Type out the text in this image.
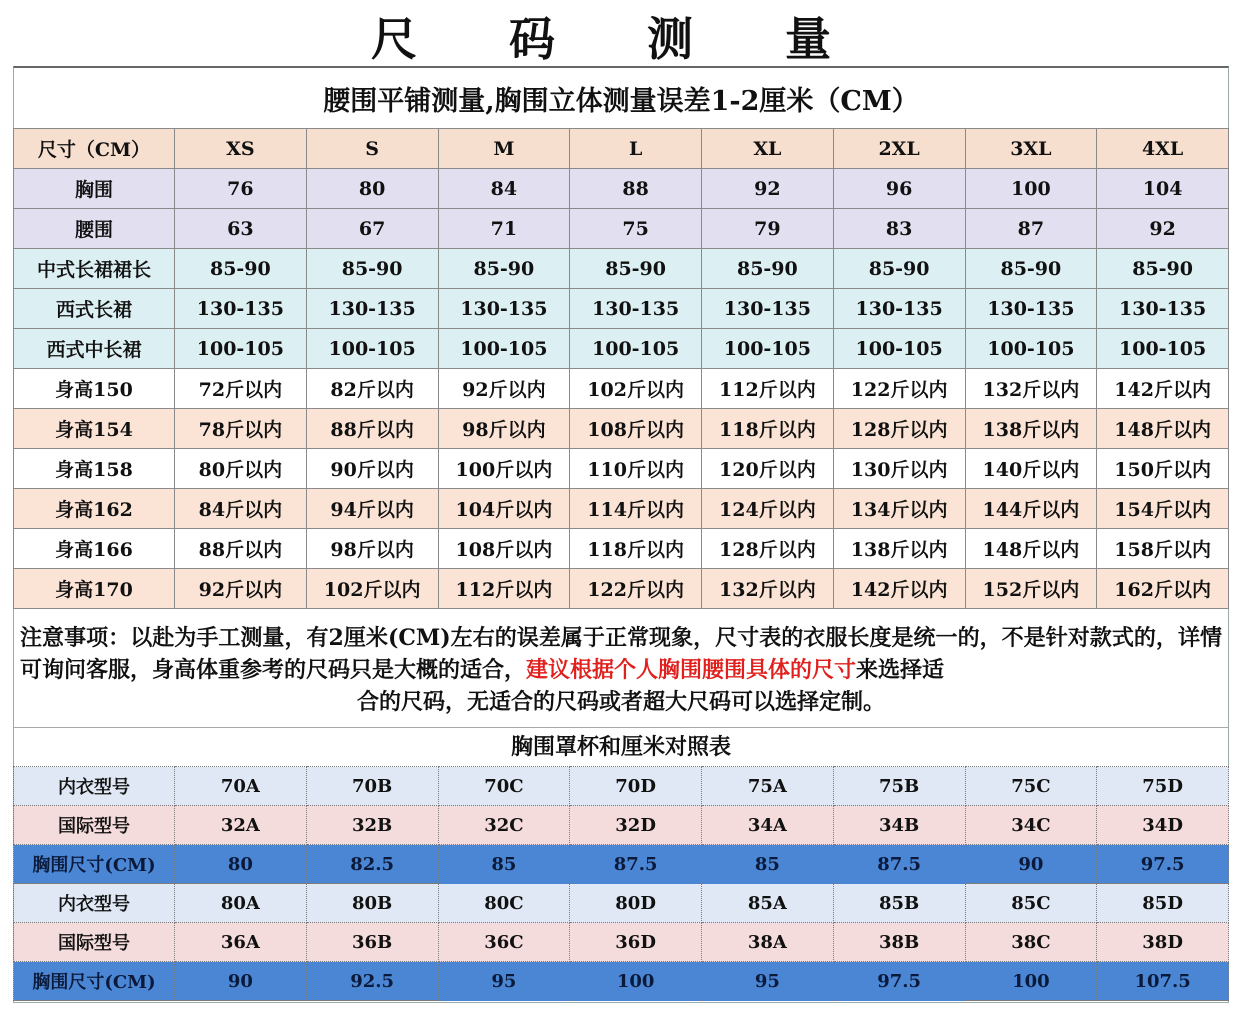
尺 码 测 量
腰围平铺测量,胸围立体测量误差1-2厘米（CM）
尺寸（CM）	XS	S	M	L	XL	2XL	3XL	4XL
胸围	76	80	84	88	92	96	100	104
腰围	63	67	71	75	79	83	87	92
中式长裙裙长	85-90	85-90	85-90	85-90	85-90	85-90	85-90	85-90
西式长裙	130-135	130-135	130-135	130-135	130-135	130-135	130-135	130-135
西式中长裙	100-105	100-105	100-105	100-105	100-105	100-105	100-105	100-105
身高150	72斤以内	82斤以内	92斤以内	102斤以内	112斤以内	122斤以内	132斤以内	142斤以内
身高154	78斤以内	88斤以内	98斤以内	108斤以内	118斤以内	128斤以内	138斤以内	148斤以内
身高158	80斤以内	90斤以内	100斤以内	110斤以内	120斤以内	130斤以内	140斤以内	150斤以内
身高162	84斤以内	94斤以内	104斤以内	114斤以内	124斤以内	134斤以内	144斤以内	154斤以内
身高166	88斤以内	98斤以内	108斤以内	118斤以内	128斤以内	138斤以内	148斤以内	158斤以内
身高170	92斤以内	102斤以内	112斤以内	122斤以内	132斤以内	142斤以内	152斤以内	162斤以内
注意事项：以赴为手工测量，有2厘米(CM)左右的误差属于正常现象，尺寸表的衣服长度是统一的，不是针对款式的，详情可询问客服，身高体重参考的尺码只是大概的适合，建议根据个人胸围腰围具体的尺寸来选择适
合的尺码，无适合的尺码或者超大尺码可以选择定制。
胸围罩杯和厘米对照表
内衣型号	70A	70B	70C	70D	75A	75B	75C	75D
国际型号	32A	32B	32C	32D	34A	34B	34C	34D
胸围尺寸(CM)	80	82.5	85	87.5	85	87.5	90	97.5
内衣型号	80A	80B	80C	80D	85A	85B	85C	85D
国际型号	36A	36B	36C	36D	38A	38B	38C	38D
胸围尺寸(CM)	90	92.5	95	100	95	97.5	100	107.5
